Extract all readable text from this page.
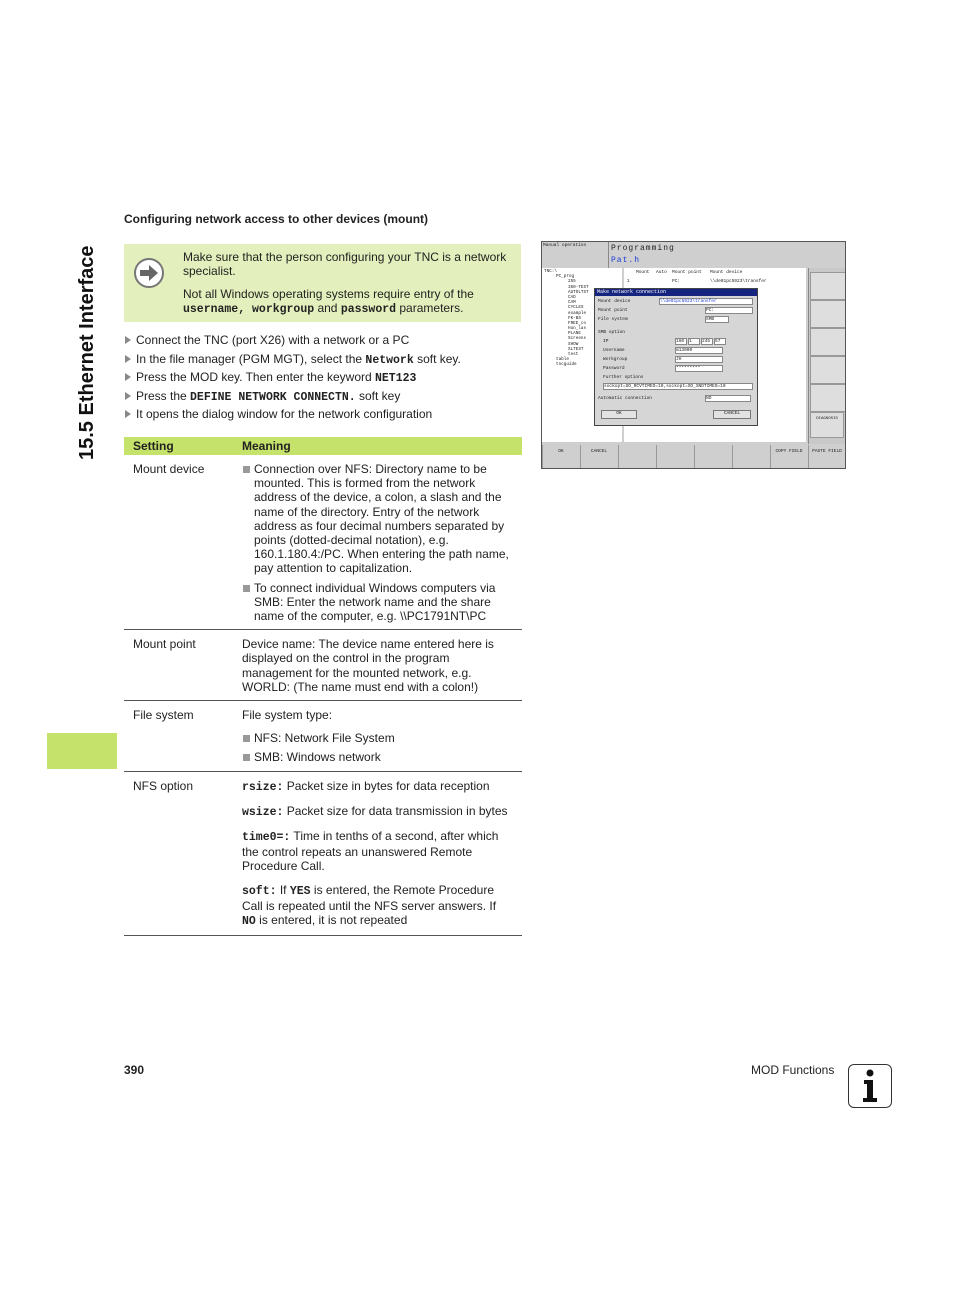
15.5 Ethernet Interface
Configuring network access to other devices (mount)

Make sure that the person configuring your TNC is a network specialist.

Not all Windows operating systems require entry of the username, workgroup and password parameters.

Connect the TNC (port X26) with a network or a PC
In the file manager (PGM MGT), select the Network soft key.
Press the MOD key. Then enter the keyword NET123
Press the DEFINE NETWORK CONNECTN. soft key
It opens the dialog window for the network configuration
Setting	Meaning
Mount device	Connection over NFS: Directory name to be mounted. This is formed from the network address of the device, a colon, a slash and the name of the directory. Entry of the network address as four decimal numbers separated by points (dotted-decimal notation), e.g. 160.1.180.4:/PC. When entering the path name, pay attention to capitalization.
To connect individual Windows computers via SMB: Enter the network name and the share name of the computer, e.g. \\PC1791NT\PC

Mount point	Device name: The device name entered here is displayed on the control in the program management for the mounted network, e.g. WORLD: (The name must end with a colon!)
File system	File system type:
NFS: Network File System
SMB: Windows network

NFS option	rsize: Packet size in bytes for data reception
wsize: Packet size for data transmission in bytes
time0=: Time in tenths of a second, after which the control repeats an unanswered Remote Procedure Call.
soft: If YES is entered, the Remote Procedure Call is repeated until the NFS server answers. If NO is entered, it is not repeated
Manual operation	Programming
Pat.h
TNC:\
PC_prog
255
360-TEST
AUTOLTST
CAD
CAM
CYCLES
example
FK-BS
FREE_co
Hun_las
PLANE
Screens
SHOW
SLTEST
test
table
tncguide
Mount Auto Mount point Mount device
1	PC:	\\de01pc5923\transfer
Make network connection
Mount device	\\de01pc5923\transfer
Mount point	PC:
File system	SMB
SMB option
IP	160	1	245	57
Username	m13000
Workgroup	JH
Password	*********
Further options
sockopt=SO_RCVTIMEO=10,sockopt=SO_SNDTIMEO=10
Automatic connection	NO
OK	CANCEL
DIAGNOSIS
OK	CANCEL	COPY FIELD	PASTE FIELD
390	MOD Functions
